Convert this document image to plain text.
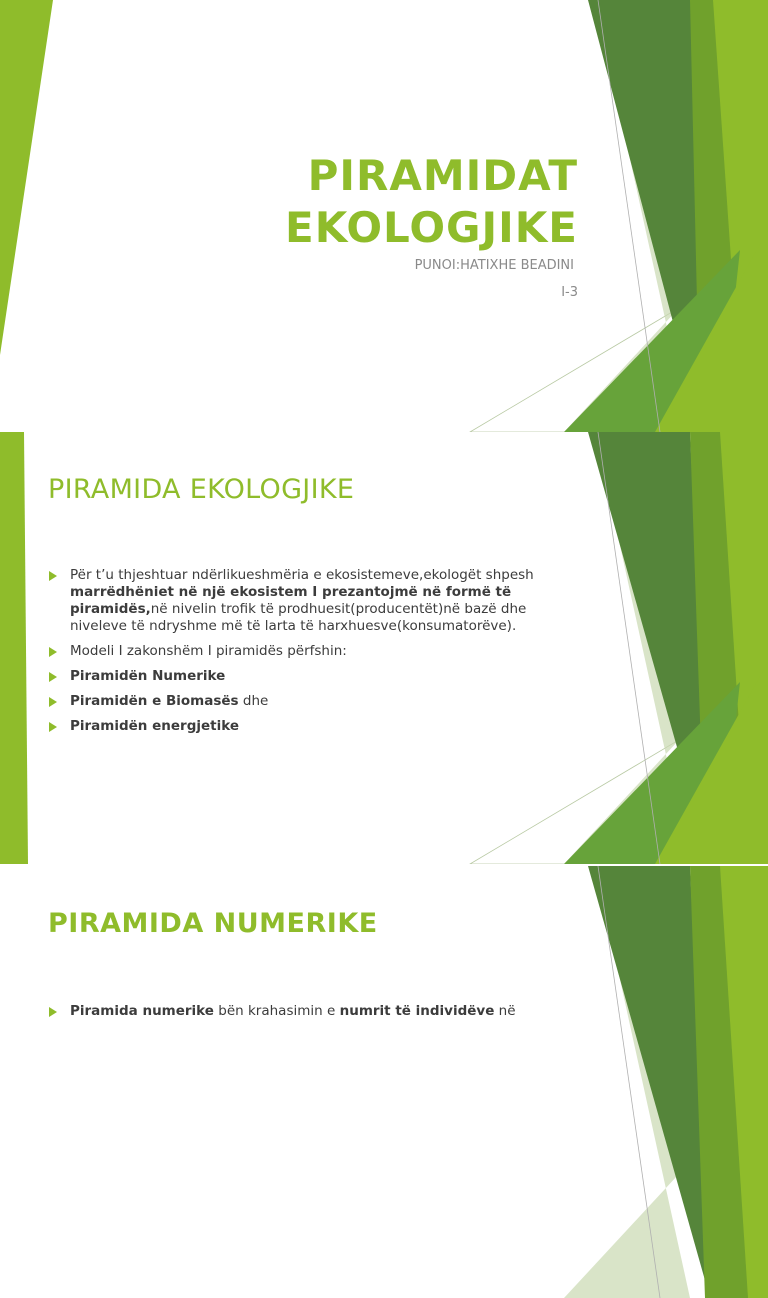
PIRAMIDAT
EKOLOGJIKE
PUNOI:HATIXHE BEADINI
I-3
PIRAMIDA EKOLOGJIKE
Për t’u thjeshtuar ndërlikueshmëria e ekosistemeve,ekologët shpesh marrëdhëniet në një ekosistem I prezantojmë në formë të piramidës,në nivelin trofik të prodhuesit(producentët)në bazë dhe niveleve të ndryshme më të larta të harxhuesve(konsumatorëve).
Modeli I zakonshëm I piramidës përfshin:
Piramidën Numerike
Piramidën e Biomasës dhe
Piramidën energjetike
PIRAMIDA NUMERIKE
Piramida numerike bën krahasimin e numrit të individëve në
